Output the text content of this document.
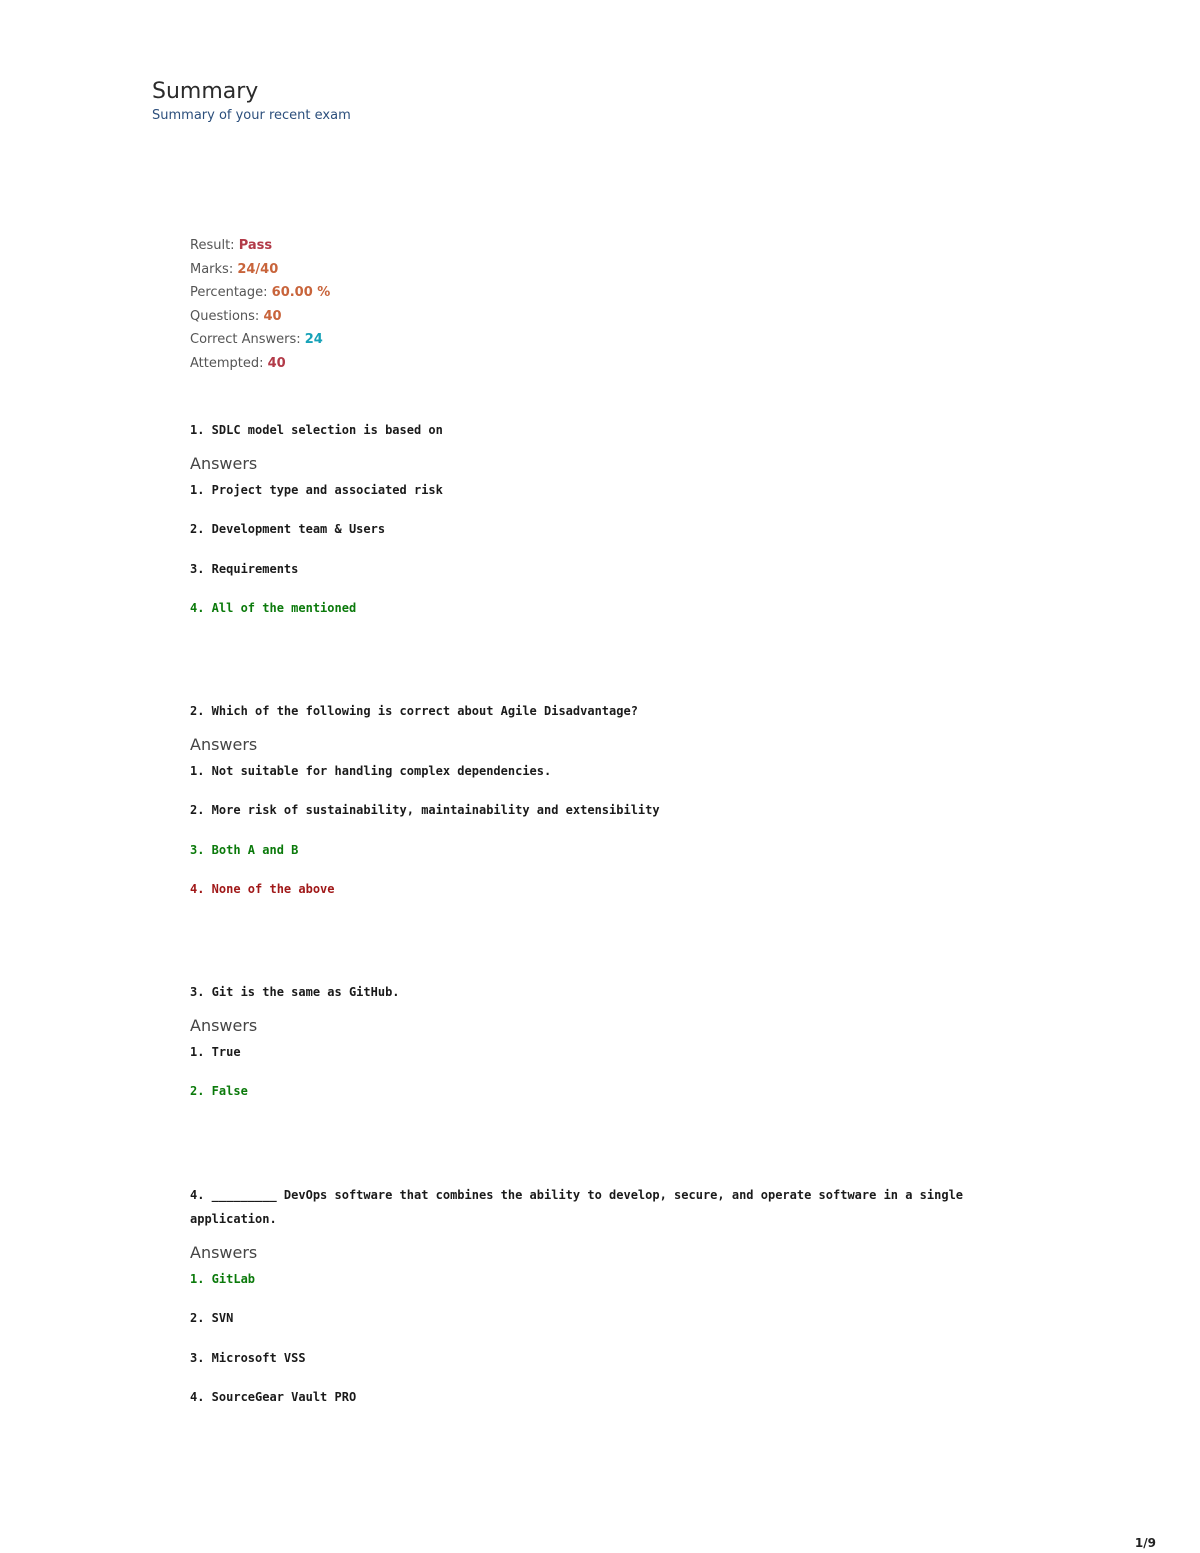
Summary
Summary of your recent exam
Result: Pass
Marks: 24/40
Percentage: 60.00 %
Questions: 40
Correct Answers: 24
Attempted: 40

1. SDLC model selection is based on

Answers
1. Project type and associated risk
2. Development team & Users
3. Requirements
4. All of the mentioned

2. Which of the following is correct about Agile Disadvantage?

Answers
1. Not suitable for handling complex dependencies.
2. More risk of sustainability, maintainability and extensibility
3. Both A and B
4. None of the above

3. Git is the same as GitHub.

Answers
1. True
2. False

4. _________ DevOps software that combines the ability to develop, secure, and operate software in a single application.

Answers
1. GitLab
2. SVN
3. Microsoft VSS
4. SourceGear Vault PRO
1/9
